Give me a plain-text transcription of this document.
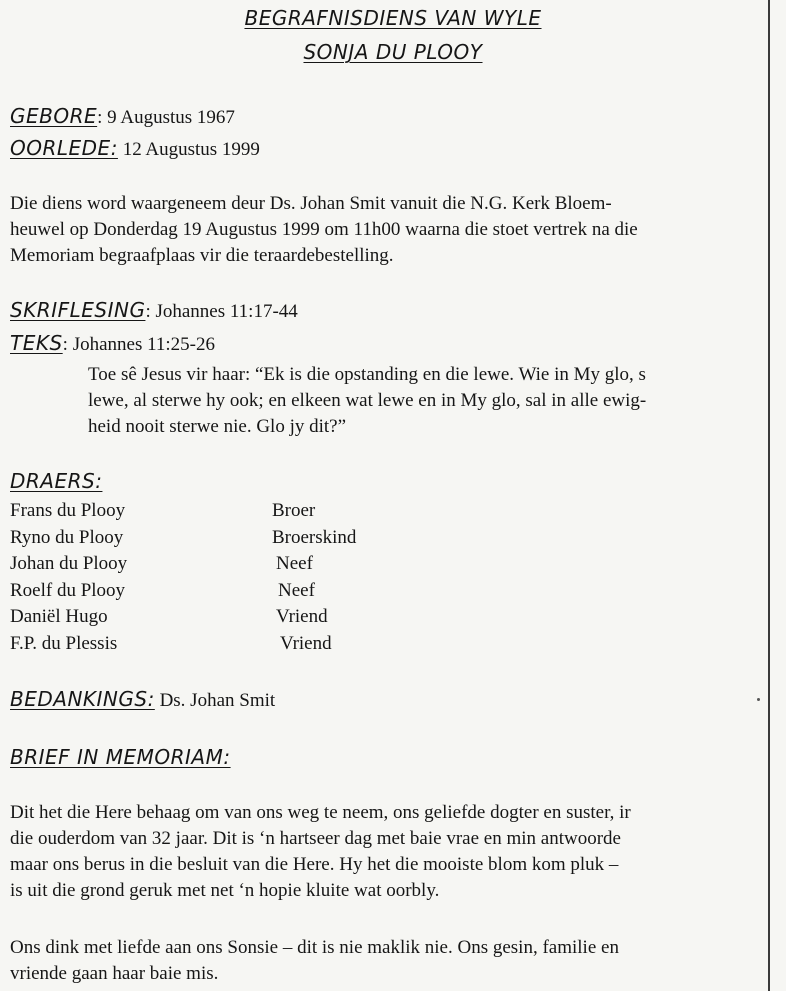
BEGRAFNISDIENS VAN WYLE
SONJA DU PLOOY
GEBORE: 9 Augustus 1967
OORLEDE: 12 Augustus 1999

Die diens word waargeneem deur Ds. Johan Smit vanuit die N.G. Kerk Bloem-
heuwel op Donderdag 19 Augustus 1999 om 11h00 waarna die stoet vertrek na die
Memoriam begraafplaas vir die teraardebestelling.

SKRIFLESING: Johannes 11:17-44
TEKS: Johannes 11:25-26

Toe sê Jesus vir haar: “Ek is die opstanding en die lewe. Wie in My glo, s
lewe, al sterwe hy ook; en elkeen wat lewe en in My glo, sal in alle ewig-
heid nooit sterwe nie. Glo jy dit?”

DRAERS:
Frans du Plooy	Broer
Ryno du Plooy	Broerskind
Johan du Plooy	Neef
Roelf du Plooy	Neef
Daniël Hugo	Vriend
F.P. du Plessis	Vriend
BEDANKINGS: Ds. Johan Smit
BRIEF IN MEMORIAM:

Dit het die Here behaag om van ons weg te neem, ons geliefde dogter en suster, ir
die ouderdom van 32 jaar. Dit is ‘n hartseer dag met baie vrae en min antwoorde
maar ons berus in die besluit van die Here. Hy het die mooiste blom kom pluk –
is uit die grond geruk met net ‘n hopie kluite wat oorbly.

Ons dink met liefde aan ons Sonsie – dit is nie maklik nie. Ons gesin, familie en
vriende gaan haar baie mis.
